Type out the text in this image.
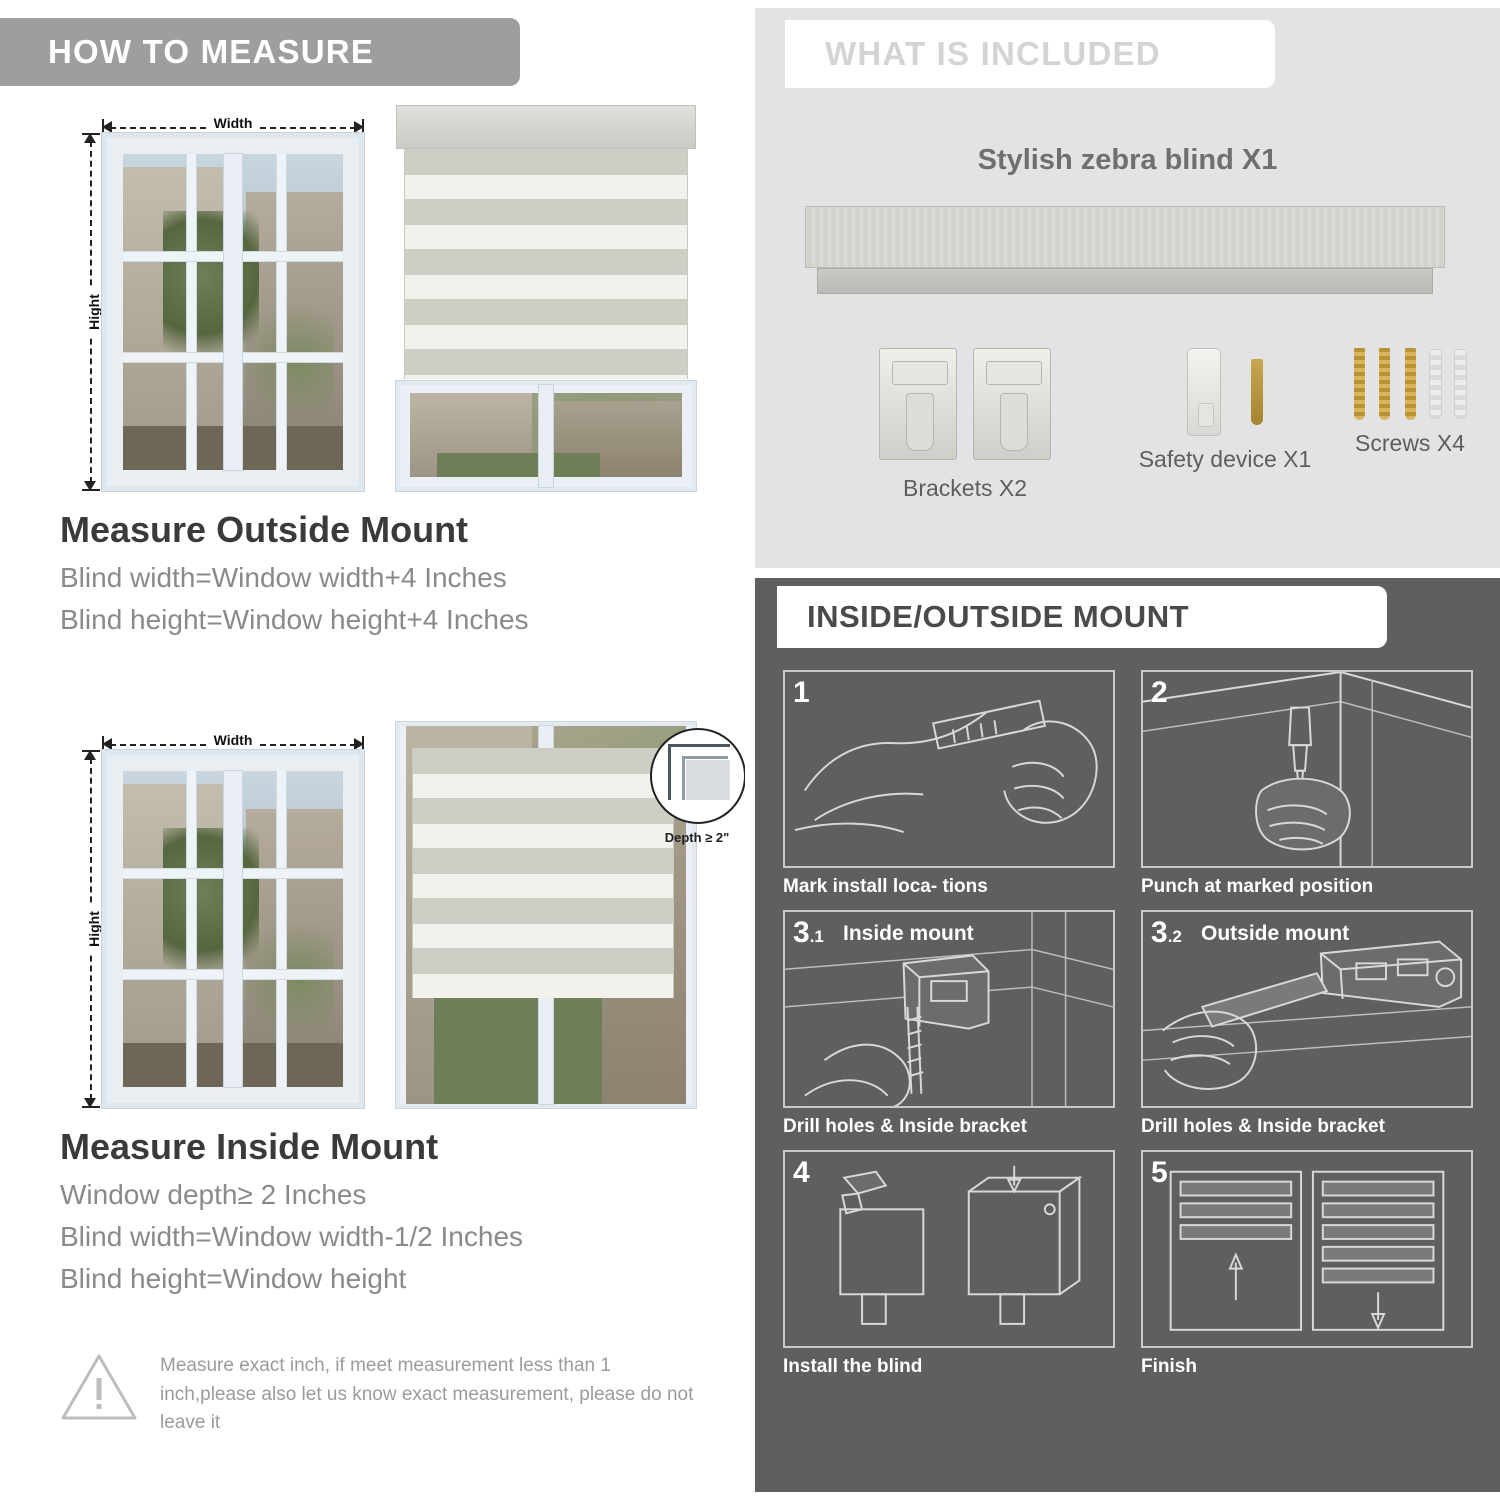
HOW TO MEASURE
Width
Hight
Measure Outside Mount
Blind width=Window width+4 Inches
Blind height=Window height+4 Inches
Width
Hight
Depth ≥ 2"
Measure Inside Mount
Window depth≥ 2 Inches
Blind width=Window width-1/2 Inches
Blind height=Window height
Measure exact inch, if meet measurement less than 1 inch,please also let us know exact measurement, please do not leave it
WHAT IS INCLUDED
Stylish zebra blind X1

Brackets X2

Safety device X1

Screws X4
INSIDE/OUTSIDE MOUNT
1
Mark install loca- tions
2
Punch at marked position
3.1 Inside mount
Drill holes & Inside bracket
3.2 Outside mount
Drill holes & Inside bracket
4
Install the blind
5
Finish
